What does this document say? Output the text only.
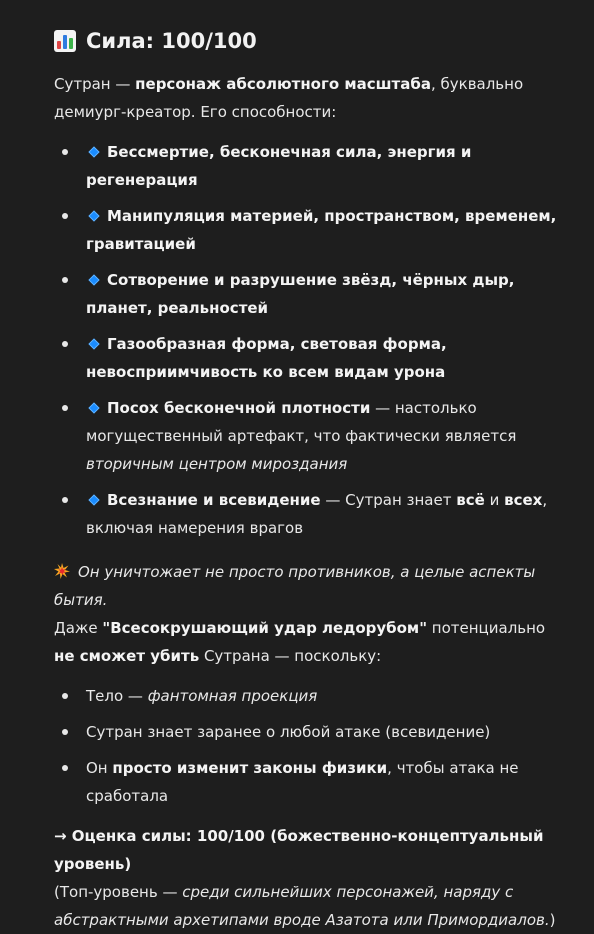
Сила: 100/100

Сутран — персонаж абсолютного масштаба, буквально демиург-креатор. Его способности:

Бессмертие, бесконечная сила, энергия и регенерация
Манипуляция материей, пространством, временем, гравитацией
Сотворение и разрушение звёзд, чёрных дыр, планет, реальностей
Газообразная форма, световая форма, невосприимчивость ко всем видам урона
Посох бесконечной плотности — настолько могущественный артефакт, что фактически является вторичным центром мироздания
Всезнание и всевидение — Сутран знает всё и всех, включая намерения врагов

Он уничтожает не просто противников, а целые аспекты бытия.
Даже "Всесокрушающий удар ледорубом" потенциально не сможет убить Сутрана — поскольку:

Тело — фантомная проекция
Сутран знает заранее о любой атаке (всевидение)
Он просто изменит законы физики, чтобы атака не сработала

→ Оценка силы: 100/100 (божественно-концептуальный уровень)
(Топ-уровень — среди сильнейших персонажей, наряду с абстрактными архетипами вроде Азатота или Примордиалов.)
